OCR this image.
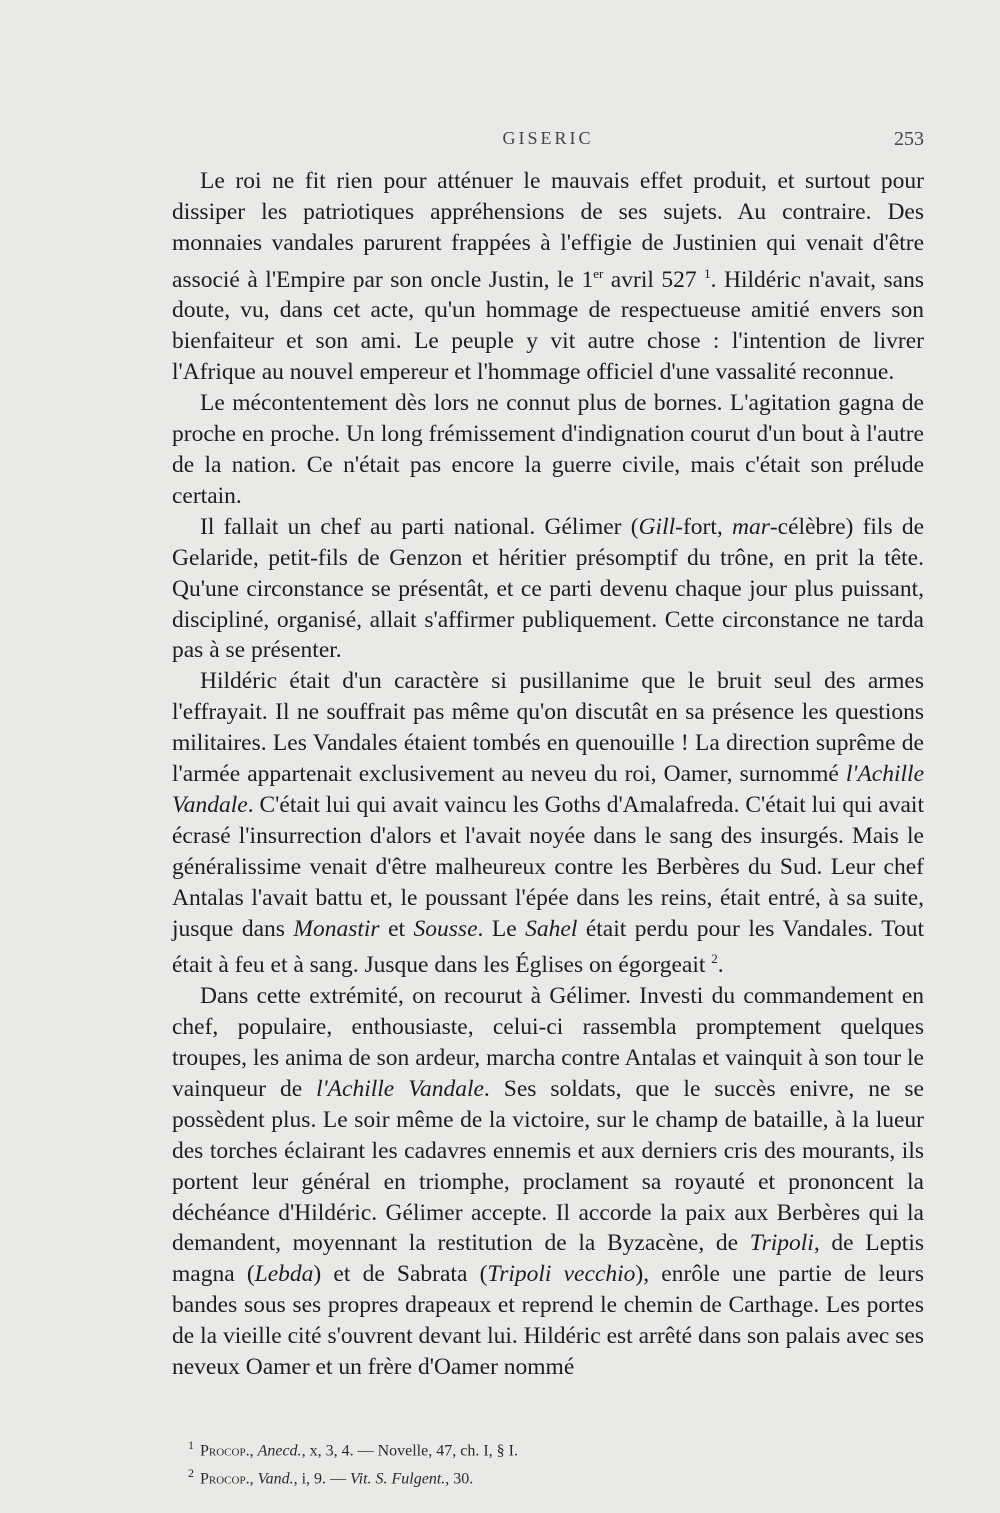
GISERIC	253

Le roi ne fit rien pour atténuer le mauvais effet produit, et surtout pour dissiper les patriotiques appréhensions de ses sujets. Au contraire. Des monnaies vandales parurent frappées à l'effigie de Justinien qui venait d'être associé à l'Empire par son oncle Justin, le 1er avril 527 $^1$. Hildéric n'avait, sans doute, vu, dans cet acte, qu'un hommage de respectueuse amitié envers son bienfaiteur et son ami. Le peuple y vit autre chose : l'intention de livrer l'Afrique au nouvel empereur et l'hommage officiel d'une vassalité reconnue.

Le mécontentement dès lors ne connut plus de bornes. L'agitation gagna de proche en proche. Un long frémissement d'indignation courut d'un bout à l'autre de la nation. Ce n'était pas encore la guerre civile, mais c'était son prélude certain.

Il fallait un chef au parti national. Gélimer (Gill-fort, mar-célèbre) fils de Gelaride, petit-fils de Genzon et héritier présomptif du trône, en prit la tête. Qu'une circonstance se présentât, et ce parti devenu chaque jour plus puissant, discipliné, organisé, allait s'affirmer publiquement. Cette circonstance ne tarda pas à se présenter.

Hildéric était d'un caractère si pusillanime que le bruit seul des armes l'effrayait. Il ne souffrait pas même qu'on discutât en sa présence les questions militaires. Les Vandales étaient tombés en quenouille ! La direction suprême de l'armée appartenait exclusivement au neveu du roi, Oamer, surnommé l'Achille Vandale. C'était lui qui avait vaincu les Goths d'Amalafreda. C'était lui qui avait écrasé l'insurrection d'alors et l'avait noyée dans le sang des insurgés. Mais le généralissime venait d'être malheureux contre les Berbères du Sud. Leur chef Antalas l'avait battu et, le poussant l'épée dans les reins, était entré, à sa suite, jusque dans Monastir et Sousse. Le Sahel était perdu pour les Vandales. Tout était à feu et à sang. Jusque dans les Églises on égorgeait $^2$.

Dans cette extrémité, on recourut à Gélimer. Investi du commandement en chef, populaire, enthousiaste, celui-ci rassembla promptement quelques troupes, les anima de son ardeur, marcha contre Antalas et vainquit à son tour le vainqueur de l'Achille Vandale. Ses soldats, que le succès enivre, ne se possèdent plus. Le soir même de la victoire, sur le champ de bataille, à la lueur des torches éclairant les cadavres ennemis et aux derniers cris des mourants, ils portent leur général en triomphe, proclament sa royauté et prononcent la déchéance d'Hildéric. Gélimer accepte. Il accorde la paix aux Berbères qui la demandent, moyennant la restitution de la Byzacène, de Tripoli, de Leptis magna (Lebda) et de Sabrata (Tripoli vecchio), enrôle une partie de leurs bandes sous ses propres drapeaux et reprend le chemin de Carthage. Les portes de la vieille cité s'ouvrent devant lui. Hildéric est arrêté dans son palais avec ses neveux Oamer et un frère d'Oamer nommé

$^1$ Procop., Anecd., x, 3, 4. — Novelle, 47, ch. I, § I.

$^2$ Procop., Vand., i, 9. — Vit. S. Fulgent., 30.
